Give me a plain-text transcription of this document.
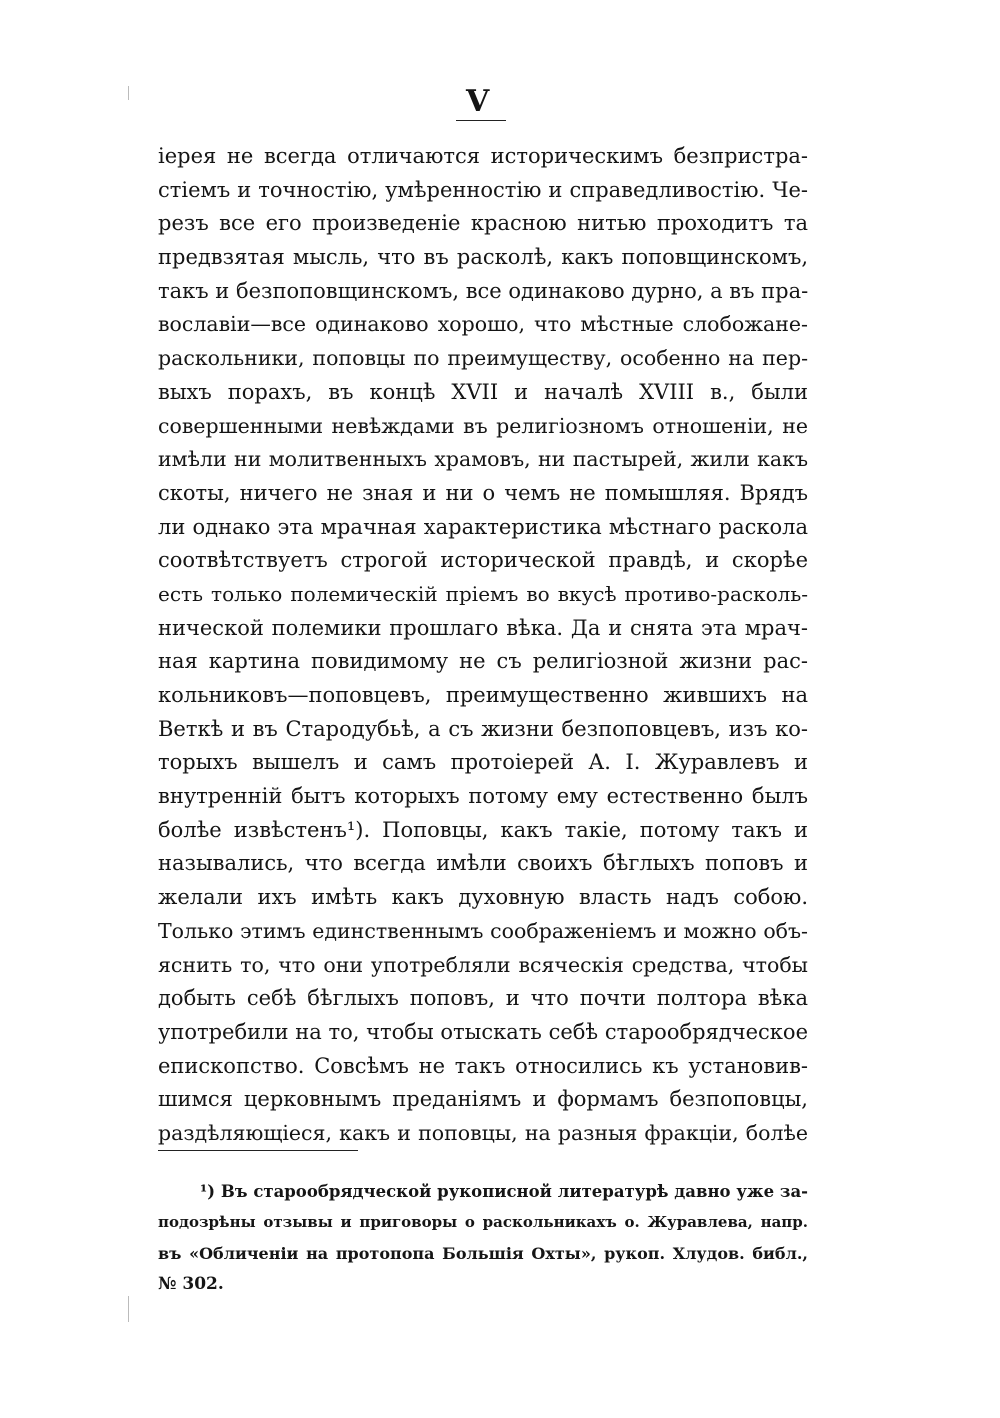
V
іерея не всегда отличаются историческимъ безпристра-
стіемъ и точностію, умѣренностію и справедливостію. Че-
резъ все его произведеніе красною нитью проходитъ та
предвзятая мысль, что въ расколѣ, какъ поповщинскомъ,
такъ и безпоповщинскомъ, все одинаково дурно, а въ пра-
вославіи—все одинаково хорошо, что мѣстные слобожане-
раскольники, поповцы по преимуществу, особенно на пер-
выхъ порахъ, въ концѣ XVII и началѣ XVIII в., были
совершенными невѣждами въ религіозномъ отношеніи, не
имѣли ни молитвенныхъ храмовъ, ни пастырей, жили какъ
скоты, ничего не зная и ни о чемъ не помышляя. Врядъ
ли однако эта мрачная характеристика мѣстнаго раскола
соотвѣтствуетъ строгой исторической правдѣ, и скорѣе
есть только полемическій пріемъ во вкусѣ противо-расколь-
нической полемики прошлаго вѣка. Да и снята эта мрач-
ная картина повидимому не съ религіозной жизни рас-
кольниковъ—поповцевъ, преимущественно жившихъ на
Веткѣ и въ Стародубьѣ, а съ жизни безпоповцевъ, изъ ко-
торыхъ вышелъ и самъ протоіерей А. І. Журавлевъ и
внутренній бытъ которыхъ потому ему естественно былъ
болѣе извѣстенъ¹). Поповцы, какъ такіе, потому такъ и
назывались, что всегда имѣли своихъ бѣглыхъ поповъ и
желали ихъ имѣть какъ духовную власть надъ собою.
Только этимъ единственнымъ соображеніемъ и можно объ-
яснить то, что они употребляли всяческія средства, чтобы
добыть себѣ бѣглыхъ поповъ, и что почти полтора вѣка
употребили на то, чтобы отыскать себѣ старообрядческое
епископство. Совсѣмъ не такъ относились къ установив-
шимся церковнымъ преданіямъ и формамъ безпоповцы,
раздѣляющіеся, какъ и поповцы, на разныя фракціи, болѣе
¹) Въ старообрядческой рукописной литературѣ давно уже за-
подозрѣны отзывы и приговоры о раскольникахъ о. Журавлева, напр.
въ «Обличеніи на протопопа Большія Охты», рукоп. Хлудов. библ.,
№ 302.
